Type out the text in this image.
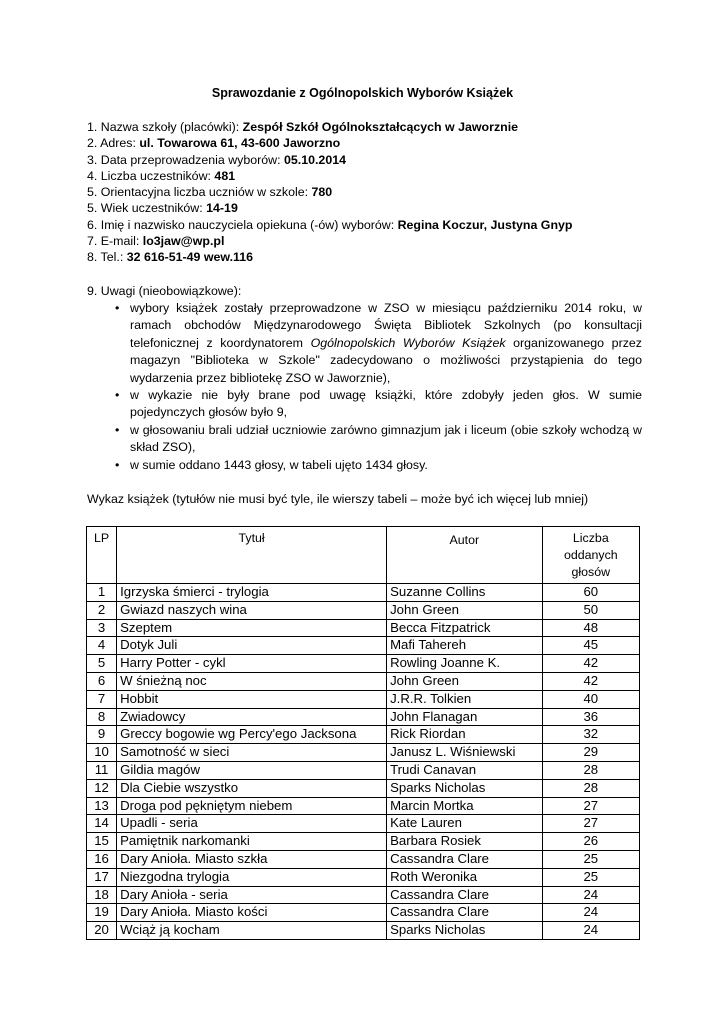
Sprawozdanie z Ogólnopolskich Wyborów Książek
1. Nazwa szkoły (placówki): Zespół Szkół Ogólnokształcących w Jaworznie
2. Adres: ul. Towarowa 61, 43-600 Jaworzno
3. Data przeprowadzenia wyborów: 05.10.2014
4. Liczba uczestników: 481
5. Orientacyjna liczba uczniów w szkole: 780
5. Wiek uczestników: 14-19
6. Imię i nazwisko nauczyciela opiekuna (-ów) wyborów: Regina Koczur, Justyna Gnyp
7. E-mail: lo3jaw@wp.pl
8. Tel.: 32 616-51-49 wew.116
9. Uwagi (nieobowiązkowe):
• wybory książek zostały przeprowadzone w ZSO w miesiącu październiku 2014 roku, w ramach obchodów Międzynarodowego Święta Bibliotek Szkolnych (po konsultacji telefonicznej z koordynatorem Ogólnopolskich Wyborów Książek organizowanego przez magazyn "Biblioteka w Szkole" zadecydowano o możliwości przystąpienia do tego wydarzenia przez bibliotekę ZSO w Jaworznie),
• w wykazie nie były brane pod uwagę książki, które zdobyły jeden głos. W sumie pojedynczych głosów było 9,
• w głosowaniu brali udział uczniowie zarówno gimnazjum jak i liceum (obie szkoły wchodzą w skład ZSO),
• w sumie oddano 1443 głosy, w tabeli ujęto 1434 głosy.
Wykaz książek (tytułów nie musi być tyle, ile wierszy tabeli – może być ich więcej lub mniej)
LP	Tytuł	Autor	Liczba oddanych głosów
1	Igrzyska śmierci - trylogia	Suzanne Collins	60
2	Gwiazd naszych wina	John Green	50
3	Szeptem	Becca Fitzpatrick	48
4	Dotyk Juli	Mafi Tahereh	45
5	Harry Potter - cykl	Rowling Joanne K.	42
6	W śnieżną noc	John Green	42
7	Hobbit	J.R.R. Tolkien	40
8	Zwiadowcy	John Flanagan	36
9	Greccy bogowie wg Percy'ego Jacksona	Rick Riordan	32
10	Samotność w sieci	Janusz L. Wiśniewski	29
11	Gildia magów	Trudi Canavan	28
12	Dla Ciebie wszystko	Sparks Nicholas	28
13	Droga pod pękniętym niebem	Marcin Mortka	27
14	Upadli - seria	Kate Lauren	27
15	Pamiętnik narkomanki	Barbara Rosiek	26
16	Dary Anioła. Miasto szkła	Cassandra Clare	25
17	Niezgodna trylogia	Roth Weronika	25
18	Dary Anioła - seria	Cassandra Clare	24
19	Dary Anioła. Miasto kości	Cassandra Clare	24
20	Wciąż ją kocham	Sparks Nicholas	24
